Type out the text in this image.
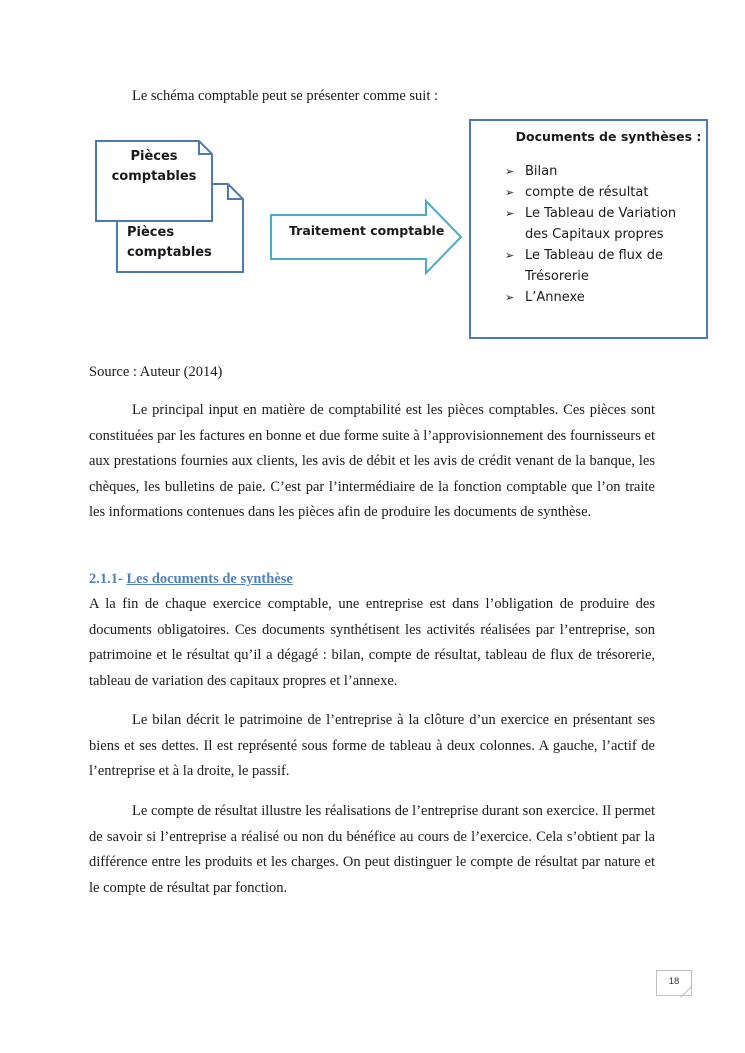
Le schéma comptable peut se présenter comme suit :
Pièces
comptables
Pièces
comptables
Traitement comptable
Documents de synthèses :
➢ Bilan
➢ compte de résultat
➢ Le Tableau de Variation des Capitaux propres
➢ Le Tableau de flux de Trésorerie
➢ L’Annexe
Source : Auteur (2014)
Le principal input en matière de comptabilité est les pièces comptables. Ces pièces sont constituées par les factures en bonne et due forme suite à l’approvisionnement des fournisseurs et aux prestations fournies aux clients, les avis de débit et les avis de crédit venant de la banque, les chèques, les bulletins de paie. C’est par l’intermédiaire de la fonction comptable que l’on traite les informations contenues dans les pièces afin de produire les documents de synthèse.
2.1.1- Les documents de synthèse
A la fin de chaque exercice comptable, une entreprise est dans l’obligation de produire des documents obligatoires. Ces documents synthétisent les activités réalisées par l’entreprise, son patrimoine et le résultat qu’il a dégagé : bilan, compte de résultat, tableau de flux de trésorerie, tableau de variation des capitaux propres et l’annexe.
Le bilan décrit le patrimoine de l’entreprise à la clôture d’un exercice en présentant ses biens et ses dettes. Il est représenté sous forme de tableau à deux colonnes. A gauche, l’actif de l’entreprise et à la droite, le passif.
Le compte de résultat illustre les réalisations de l’entreprise durant son exercice. Il permet de savoir si l’entreprise a réalisé ou non du bénéfice au cours de l’exercice. Cela s’obtient par la différence entre les produits et les charges. On peut distinguer le compte de résultat par nature et le compte de résultat par fonction.
18
